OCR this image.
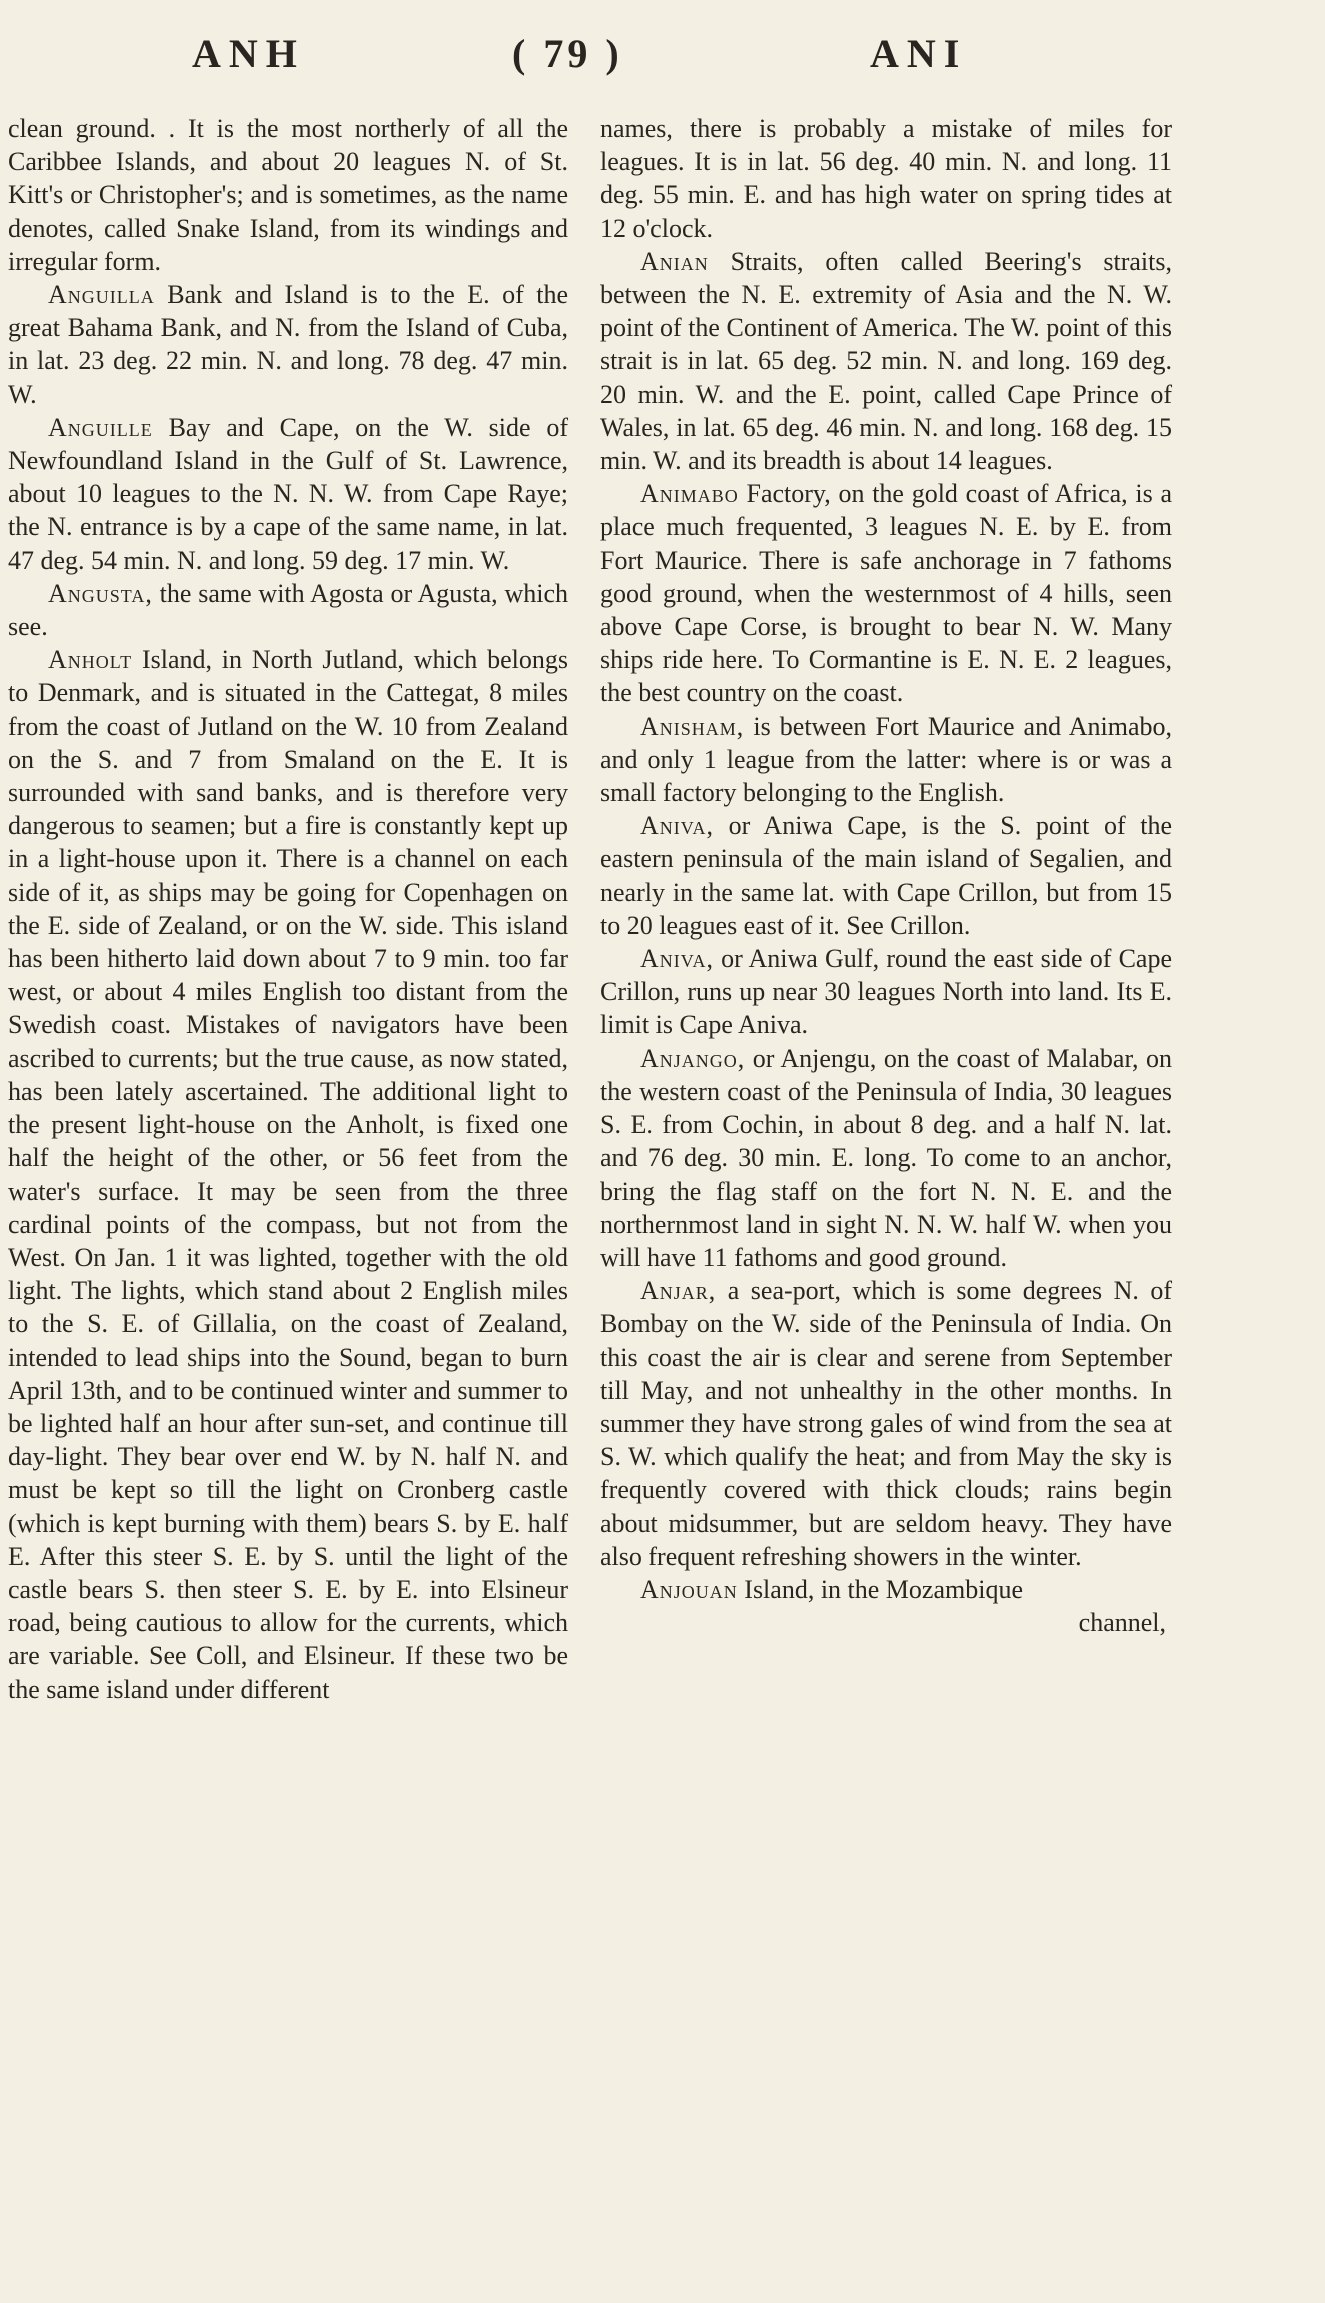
ANH	( 79 )	ANI

clean ground. . It is the most northerly of all the Caribbee Islands, and about 20 leagues N. of St. Kitt's or Christopher's; and is sometimes, as the name denotes, called Snake Island, from its windings and irregular form.

Anguilla Bank and Island is to the E. of the great Bahama Bank, and N. from the Island of Cuba, in lat. 23 deg. 22 min. N. and long. 78 deg. 47 min. W.

Anguille Bay and Cape, on the W. side of Newfoundland Island in the Gulf of St. Lawrence, about 10 leagues to the N. N. W. from Cape Raye; the N. entrance is by a cape of the same name, in lat. 47 deg. 54 min. N. and long. 59 deg. 17 min. W.

Angusta, the same with Agosta or Agusta, which see.

Anholt Island, in North Jutland, which belongs to Denmark, and is situated in the Cattegat, 8 miles from the coast of Jutland on the W. 10 from Zealand on the S. and 7 from Smaland on the E. It is surrounded with sand banks, and is therefore very dangerous to seamen; but a fire is constantly kept up in a light-house upon it. There is a channel on each side of it, as ships may be going for Copenhagen on the E. side of Zealand, or on the W. side. This island has been hitherto laid down about 7 to 9 min. too far west, or about 4 miles English too distant from the Swedish coast. Mistakes of navigators have been ascribed to currents; but the true cause, as now stated, has been lately ascertained. The additional light to the present light-house on the Anholt, is fixed one half the height of the other, or 56 feet from the water's surface. It may be seen from the three cardinal points of the compass, but not from the West. On Jan. 1 it was lighted, together with the old light. The lights, which stand about 2 English miles to the S. E. of Gillalia, on the coast of Zealand, intended to lead ships into the Sound, began to burn April 13th, and to be continued winter and summer to be lighted half an hour after sun-set, and continue till day-light. They bear over end W. by N. half N. and must be kept so till the light on Cronberg castle (which is kept burning with them) bears S. by E. half E. After this steer S. E. by S. until the light of the castle bears S. then steer S. E. by E. into Elsineur road, being cautious to allow for the currents, which are variable. See Coll, and Elsineur. If these two be the same island under different

names, there is probably a mistake of miles for leagues. It is in lat. 56 deg. 40 min. N. and long. 11 deg. 55 min. E. and has high water on spring tides at 12 o'clock.

Anian Straits, often called Beering's straits, between the N. E. extremity of Asia and the N. W. point of the Continent of America. The W. point of this strait is in lat. 65 deg. 52 min. N. and long. 169 deg. 20 min. W. and the E. point, called Cape Prince of Wales, in lat. 65 deg. 46 min. N. and long. 168 deg. 15 min. W. and its breadth is about 14 leagues.

Animabo Factory, on the gold coast of Africa, is a place much frequented, 3 leagues N. E. by E. from Fort Maurice. There is safe anchorage in 7 fathoms good ground, when the westernmost of 4 hills, seen above Cape Corse, is brought to bear N. W. Many ships ride here. To Cormantine is E. N. E. 2 leagues, the best country on the coast.

Anisham, is between Fort Maurice and Animabo, and only 1 league from the latter: where is or was a small factory belonging to the English.

Aniva, or Aniwa Cape, is the S. point of the eastern peninsula of the main island of Segalien, and nearly in the same lat. with Cape Crillon, but from 15 to 20 leagues east of it. See Crillon.

Aniva, or Aniwa Gulf, round the east side of Cape Crillon, runs up near 30 leagues North into land. Its E. limit is Cape Aniva.

Anjango, or Anjengu, on the coast of Malabar, on the western coast of the Peninsula of India, 30 leagues S. E. from Cochin, in about 8 deg. and a half N. lat. and 76 deg. 30 min. E. long. To come to an anchor, bring the flag staff on the fort N. N. E. and the northernmost land in sight N. N. W. half W. when you will have 11 fathoms and good ground.

Anjar, a sea-port, which is some degrees N. of Bombay on the W. side of the Peninsula of India. On this coast the air is clear and serene from September till May, and not unhealthy in the other months. In summer they have strong gales of wind from the sea at S. W. which qualify the heat; and from May the sky is frequently covered with thick clouds; rains begin about midsummer, but are seldom heavy. They have also frequent refreshing showers in the winter.

Anjouan Island, in the Mozambique

channel,
